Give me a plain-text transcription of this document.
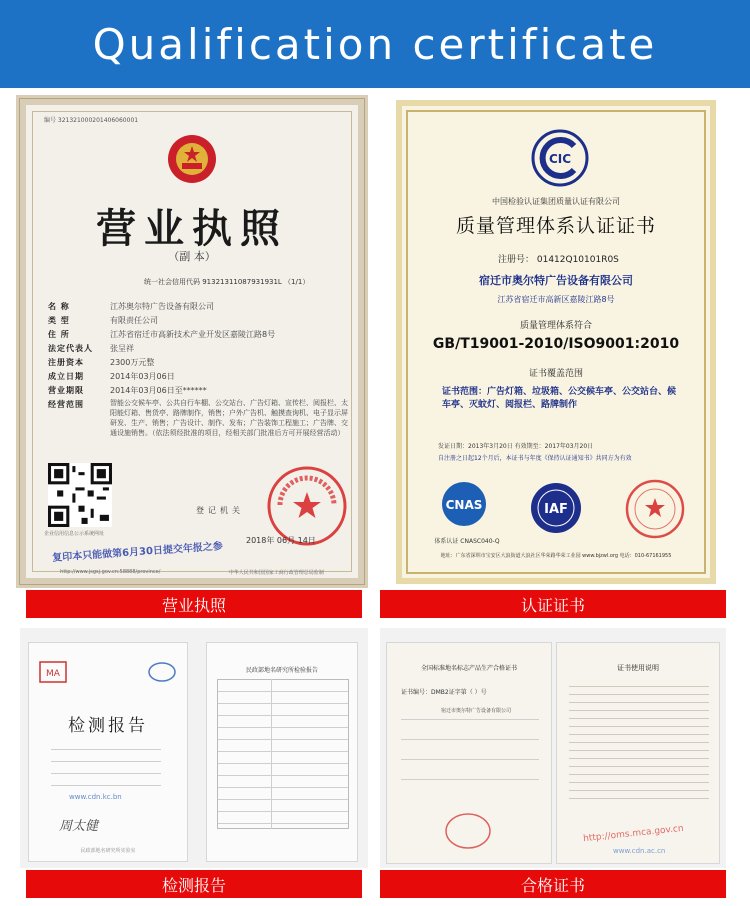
Qualification certificate
编号 321321000201406060001
营业执照
（副 本）
统一社会信用代码 91321311087931931L （1/1）
名 称	江苏奥尔特广告设备有限公司
类 型	有限责任公司
住 所	江苏省宿迁市高新技术产业开发区嘉陵江路8号
法定代表人	张呈祥
注册资本	2300万元整
成立日期	2014年03月06日
营业期限	2014年03月06日至******
经营范围	智能公交候车亭、公共自行车棚、公交站台、广告灯箱、宣传栏、阅报栏、太阳能灯箱、售货亭、路牌制作，销售；户外广告机、触摸查询机、电子显示屏研发、生产、销售；广告设计、制作、发布；广告装饰工程施工；广告牌、交通设施销售。（依法须经批准的项目，经相关部门批准后方可开展经营活动）
企业信用信息公示系统网址
登记机关
2018年 06月 14日
复印本只能做第6月30日提交年报之参
http://www.jsgsj.gov.cn:58888/province/	中华人民共和国国家工商行政管理总局监制
营业执照
CIC
中国检验认证集团质量认证有限公司
质量管理体系认证证书
注册号： 01412Q10101R0S
宿迁市奥尔特广告设备有限公司
江苏省宿迁市高新区嘉陵江路8号
质量管理体系符合
GB/T19001-2010/ISO9001:2010
证书覆盖范围
证书范围：广告灯箱、垃圾箱、公交候车亭、公交站台、候车亭、灭蚊灯、阅报栏、路牌制作
发证日期：2013年3月20日 有效期至：2017年03月20日
自注册之日起12个月后，本证书与年度《保持认证通知书》共同方为有效
CNAS
体系认证 CNASC040-Q
IAF
地址：广东省深圳市宝安区大浪街道大浪社区华荣路华荣工业园 www.bjzwl.org 电话：010-67161955
认证证书
MA
检测报告
www.cdn.kc.bn
周太健
民政部地名研究所实验室
民政部地名研究所检验报告
检测报告
全国标准地名标志产品生产合格证书
证书编号：DMB2证字第（ ）号
宿迁市奥尔特广告设备有限公司
证书使用说明
http://oms.mca.gov.cn
www.cdn.ac.cn
合格证书
